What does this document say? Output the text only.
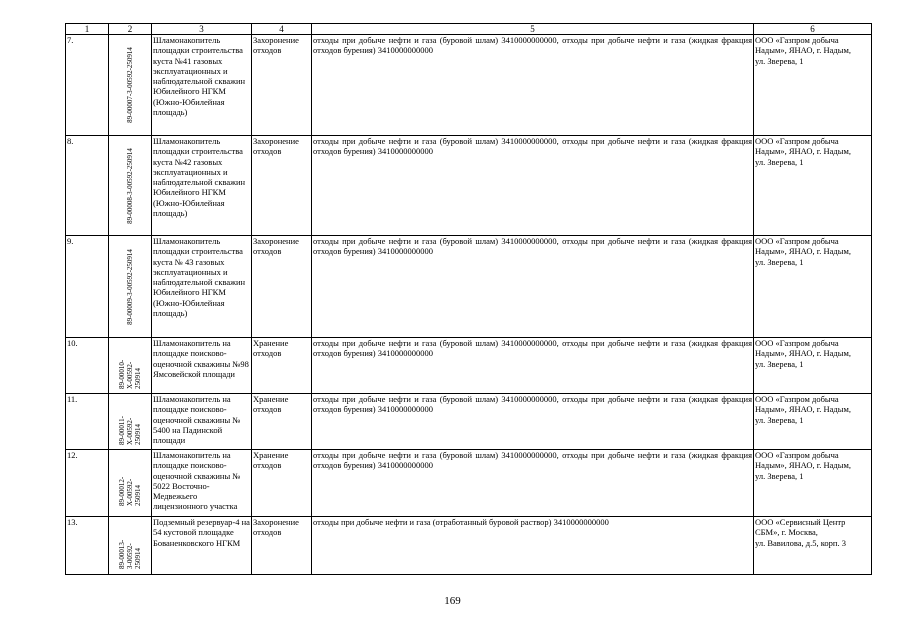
1	2	3	4	5	6
7.	89-00007-З-00592-250914	Шламонакопитель площадки строительства куста №41 газовых эксплуатационных и наблюдательной скважин Юбилейного НГКМ (Южно-Юбилейная площадь)	Захоронение отходов	отходы при добыче нефти и газа (буровой шлам) 3410000000000, отходы при добыче нефти и газа (жидкая фракция отходов бурения) 3410000000000	ООО «Газпром добыча Надым», ЯНАО, г. Надым,
ул. Зверева, 1

8.	89-00008-З-00592-250914	Шламонакопитель площадки строительства куста №42 газовых эксплуатационных и наблюдательной скважин Юбилейного НГКМ (Южно-Юбилейная площадь)	Захоронение отходов	отходы при добыче нефти и газа (буровой шлам) 3410000000000, отходы при добыче нефти и газа (жидкая фракция отходов бурения) 3410000000000	ООО «Газпром добыча Надым», ЯНАО, г. Надым,
ул. Зверева, 1

9.	89-00009-З-00592-250914	Шламонакопитель площадки строительства куста № 43 газовых эксплуатационных и наблюдательной скважин Юбилейного НГКМ (Южно-Юбилейная площадь)	Захоронение отходов	отходы при добыче нефти и газа (буровой шлам) 3410000000000, отходы при добыче нефти и газа (жидкая фракция отходов бурения) 3410000000000	ООО «Газпром добыча Надым», ЯНАО, г. Надым,
ул. Зверева, 1

10.	89-00010-Х-00592-250914	Шламонакопитель на площадке поисково-оценочной скважины №98 Ямсовейской площади	Хранение отходов	отходы при добыче нефти и газа (буровой шлам) 3410000000000, отходы при добыче нефти и газа (жидкая фракция отходов бурения) 3410000000000	ООО «Газпром добыча Надым», ЯНАО, г. Надым,
ул. Зверева, 1

11.	89-00011-Х-00592-250914	Шламонакопитель на площадке поисково-оценочной скважины № 5400 на Падинской площади	Хранение отходов	отходы при добыче нефти и газа (буровой шлам) 3410000000000, отходы при добыче нефти и газа (жидкая фракция отходов бурения) 3410000000000	ООО «Газпром добыча Надым», ЯНАО, г. Надым,
ул. Зверева, 1

12.	89-00012-Х-00592-250914	Шламонакопитель на площадке поисково-оценочной скважины № 5022 Восточно-Медвежьего лицензионного участка	Хранение отходов	отходы при добыче нефти и газа (буровой шлам) 3410000000000, отходы при добыче нефти и газа (жидкая фракция отходов бурения) 3410000000000	ООО «Газпром добыча Надым», ЯНАО, г. Надым,
ул. Зверева, 1

13.	89-00013-З-00592-250914	Подземный резервуар-4 на 54 кустовой площадке Бованенковского НГКМ	Захоронение отходов	отходы при добыче нефти и газа (отработанный буровой раствор) 3410000000000	ООО «Сервисный Центр СБМ», г. Москва,
ул. Вавилова, д.5, корп. 3
169
